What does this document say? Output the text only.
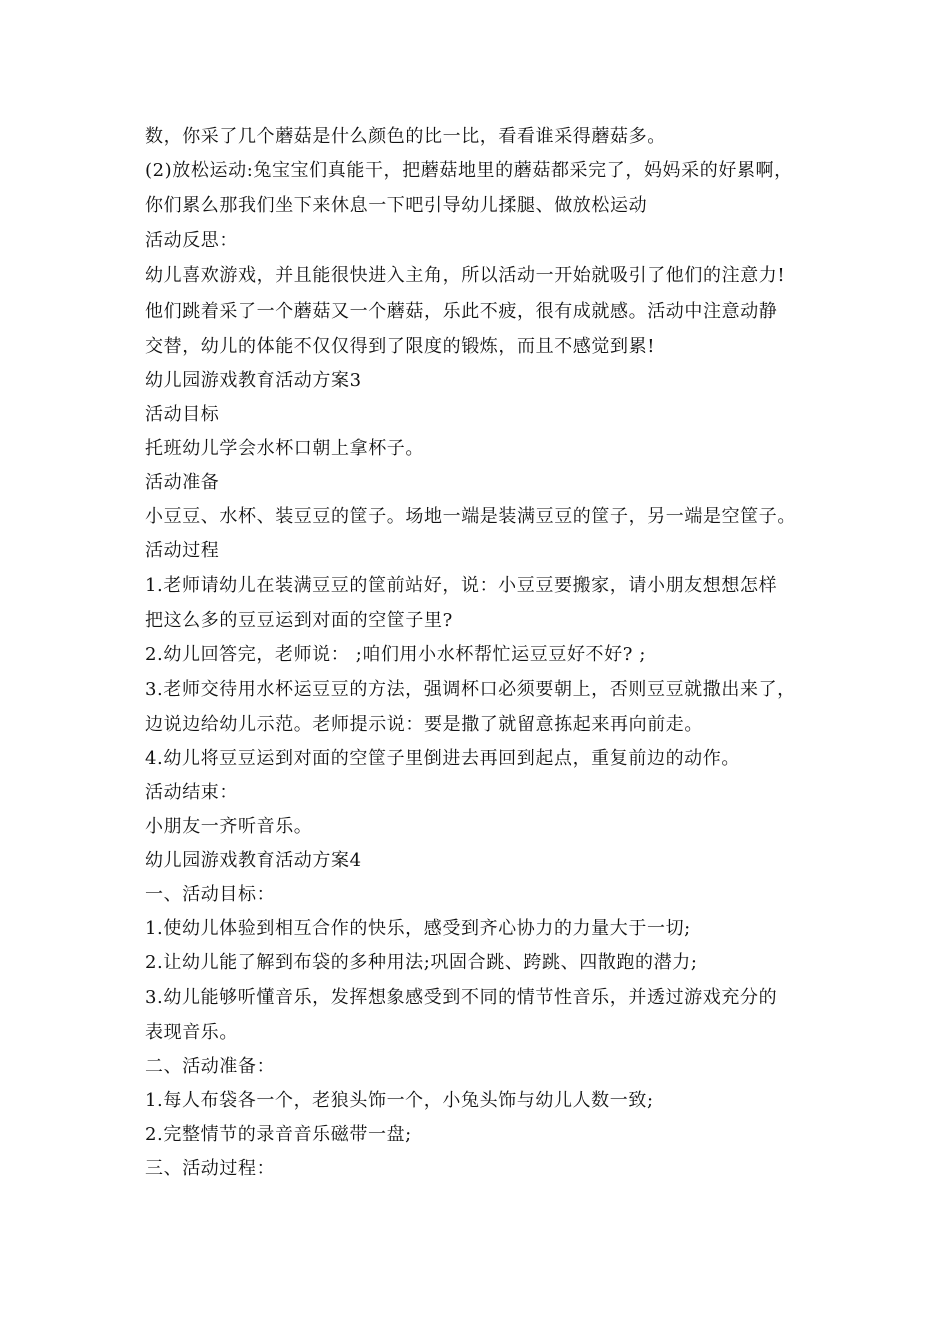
数，你采了几个蘑菇是什么颜色的比一比，看看谁采得蘑菇多。
(2)放松运动:兔宝宝们真能干，把蘑菇地里的蘑菇都采完了，妈妈采的好累啊，
你们累么那我们坐下来休息一下吧引导幼儿揉腿、做放松运动
活动反思：
幼儿喜欢游戏，并且能很快进入主角，所以活动一开始就吸引了他们的注意力!
他们跳着采了一个蘑菇又一个蘑菇，乐此不疲，很有成就感。活动中注意动静
交替，幼儿的体能不仅仅得到了限度的锻炼，而且不感觉到累!
幼儿园游戏教育活动方案3
活动目标
托班幼儿学会水杯口朝上拿杯子。
活动准备
小豆豆、水杯、装豆豆的筐子。场地一端是装满豆豆的筐子，另一端是空筐子。
活动过程
1.老师请幼儿在装满豆豆的筐前站好，说：小豆豆要搬家，请小朋友想想怎样
把这么多的豆豆运到对面的空筐子里?
2.幼儿回答完，老师说： ;咱们用小水杯帮忙运豆豆好不好? ;
3.老师交待用水杯运豆豆的方法，强调杯口必须要朝上，否则豆豆就撒出来了，
边说边给幼儿示范。老师提示说：要是撒了就留意拣起来再向前走。
4.幼儿将豆豆运到对面的空筐子里倒进去再回到起点，重复前边的动作。
活动结束：
小朋友一齐听音乐。
幼儿园游戏教育活动方案4
一、活动目标：
1.使幼儿体验到相互合作的快乐，感受到齐心协力的力量大于一切;
2.让幼儿能了解到布袋的多种用法;巩固合跳、跨跳、四散跑的潜力;
3.幼儿能够听懂音乐，发挥想象感受到不同的情节性音乐，并透过游戏充分的
表现音乐。
二、活动准备：
1.每人布袋各一个，老狼头饰一个，小兔头饰与幼儿人数一致;
2.完整情节的录音音乐磁带一盘;
三、活动过程：
